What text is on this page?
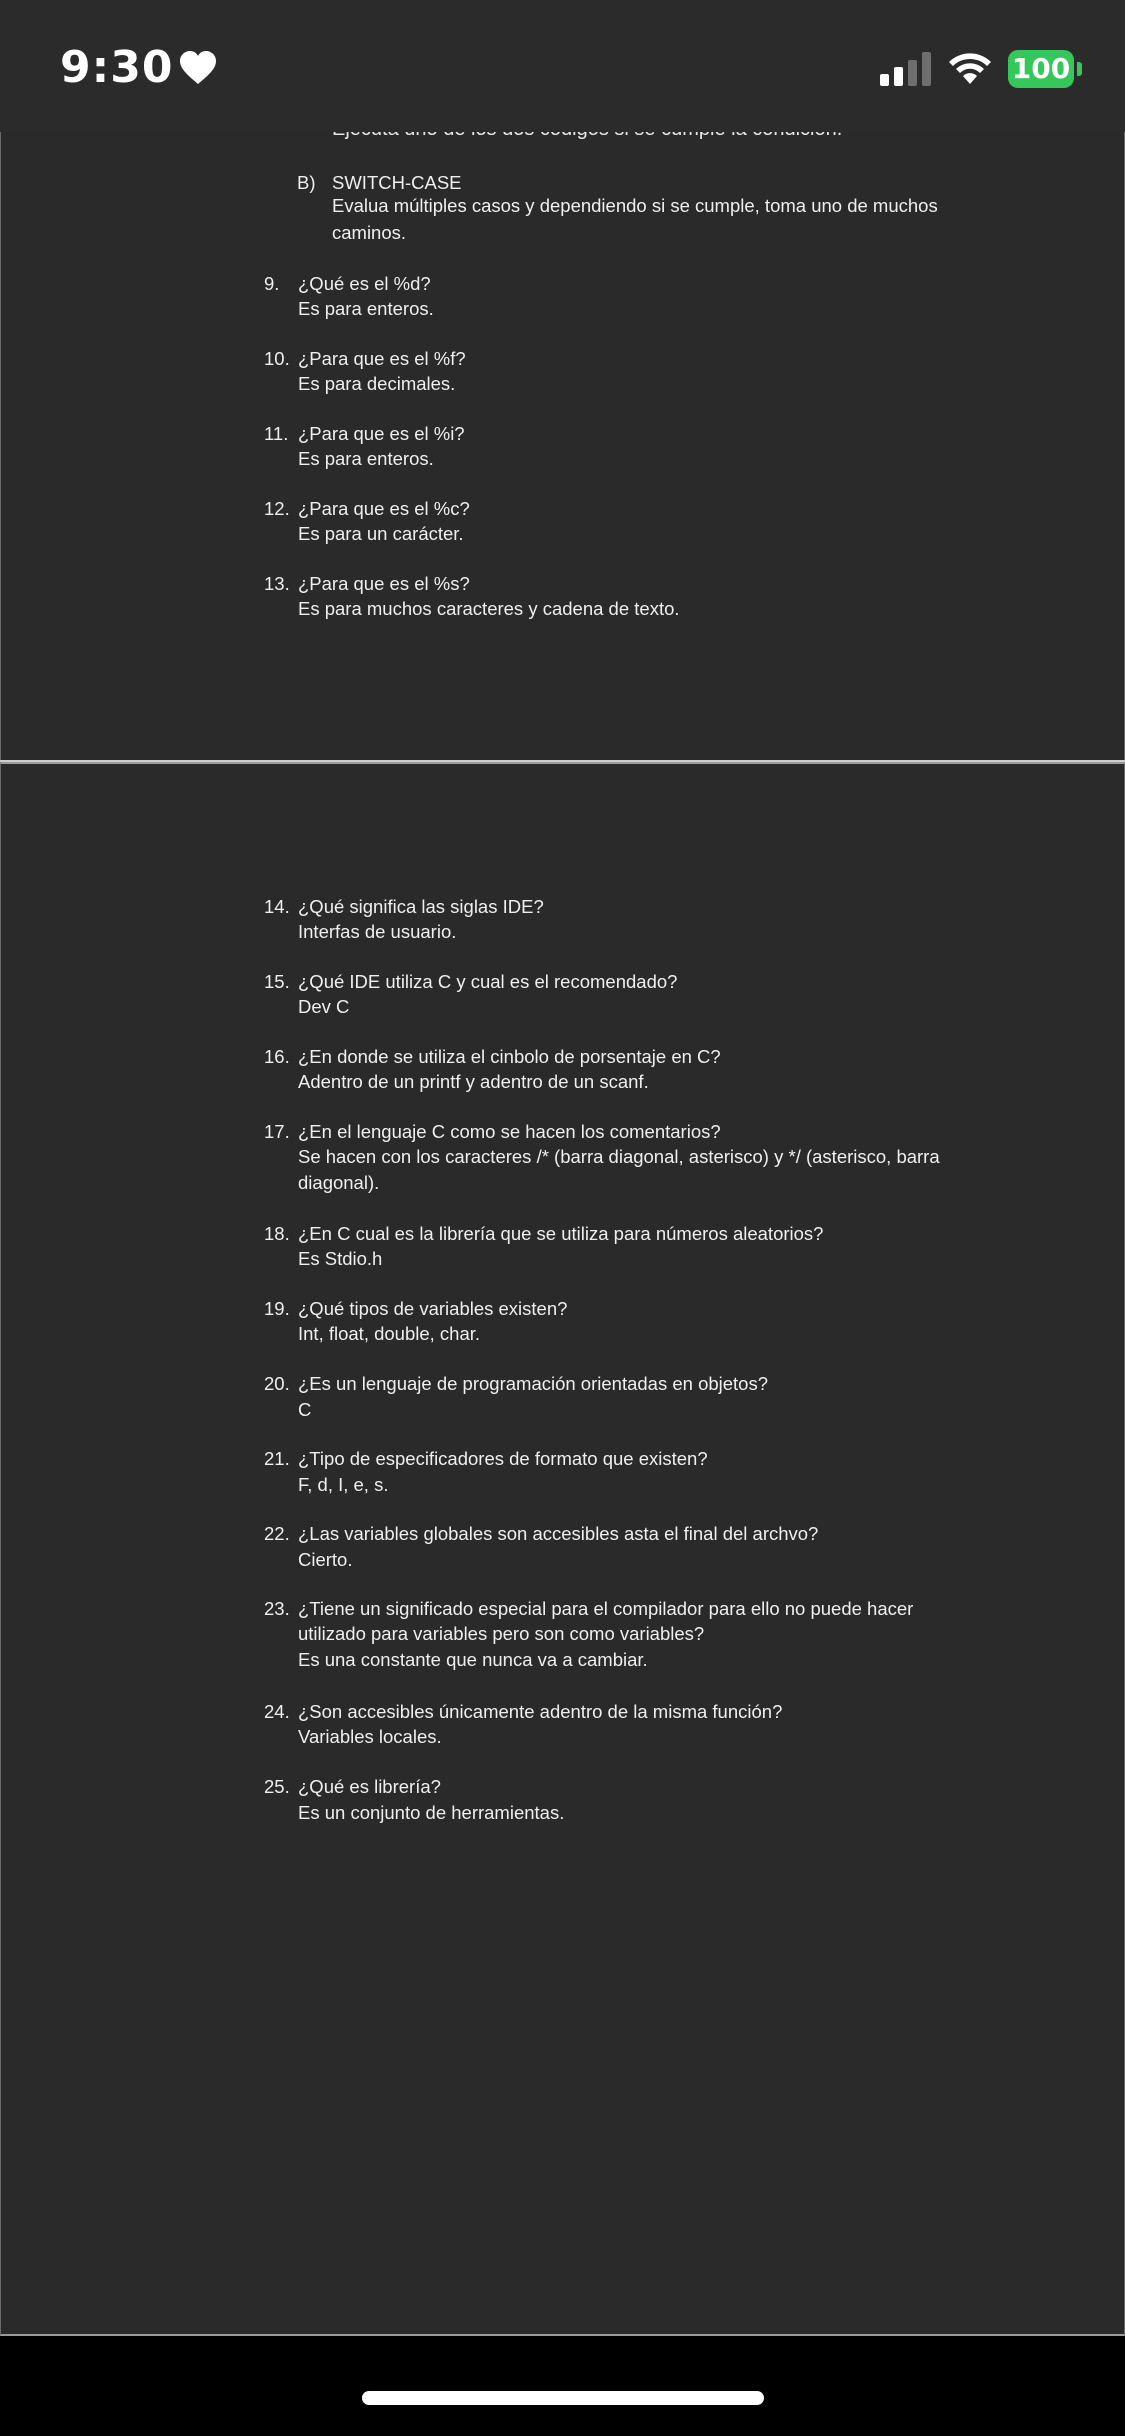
B) SWITCH-CASE
Evalua múltiples casos y dependiendo si se cumple, toma uno de muchos
caminos.
9. ¿Qué es el %d?
Es para enteros.
10. ¿Para que es el %f?
Es para decimales.
11. ¿Para que es el %i?
Es para enteros.
12. ¿Para que es el %c?
Es para un carácter.
13. ¿Para que es el %s?
Es para muchos caracteres y cadena de texto.
14. ¿Qué significa las siglas IDE?
Interfas de usuario.
15. ¿Qué IDE utiliza C y cual es el recomendado?
Dev C
16. ¿En donde se utiliza el cinbolo de porsentaje en C?
Adentro de un printf y adentro de un scanf.
17. ¿En el lenguaje C como se hacen los comentarios?
Se hacen con los caracteres /* (barra diagonal, asterisco) y */ (asterisco, barra
diagonal).
18. ¿En C cual es la librería que se utiliza para números aleatorios?
Es Stdio.h
19. ¿Qué tipos de variables existen?
Int, float, double, char.
20. ¿Es un lenguaje de programación orientadas en objetos?
C
21. ¿Tipo de especificadores de formato que existen?
F, d, I, e, s.
22. ¿Las variables globales son accesibles asta el final del archvo?
Cierto.
23. ¿Tiene un significado especial para el compilador para ello no puede hacer
utilizado para variables pero son como variables?
Es una constante que nunca va a cambiar.
24. ¿Son accesibles únicamente adentro de la misma función?
Variables locales.
25. ¿Qué es librería?
Es un conjunto de herramientas.
9:30	100
